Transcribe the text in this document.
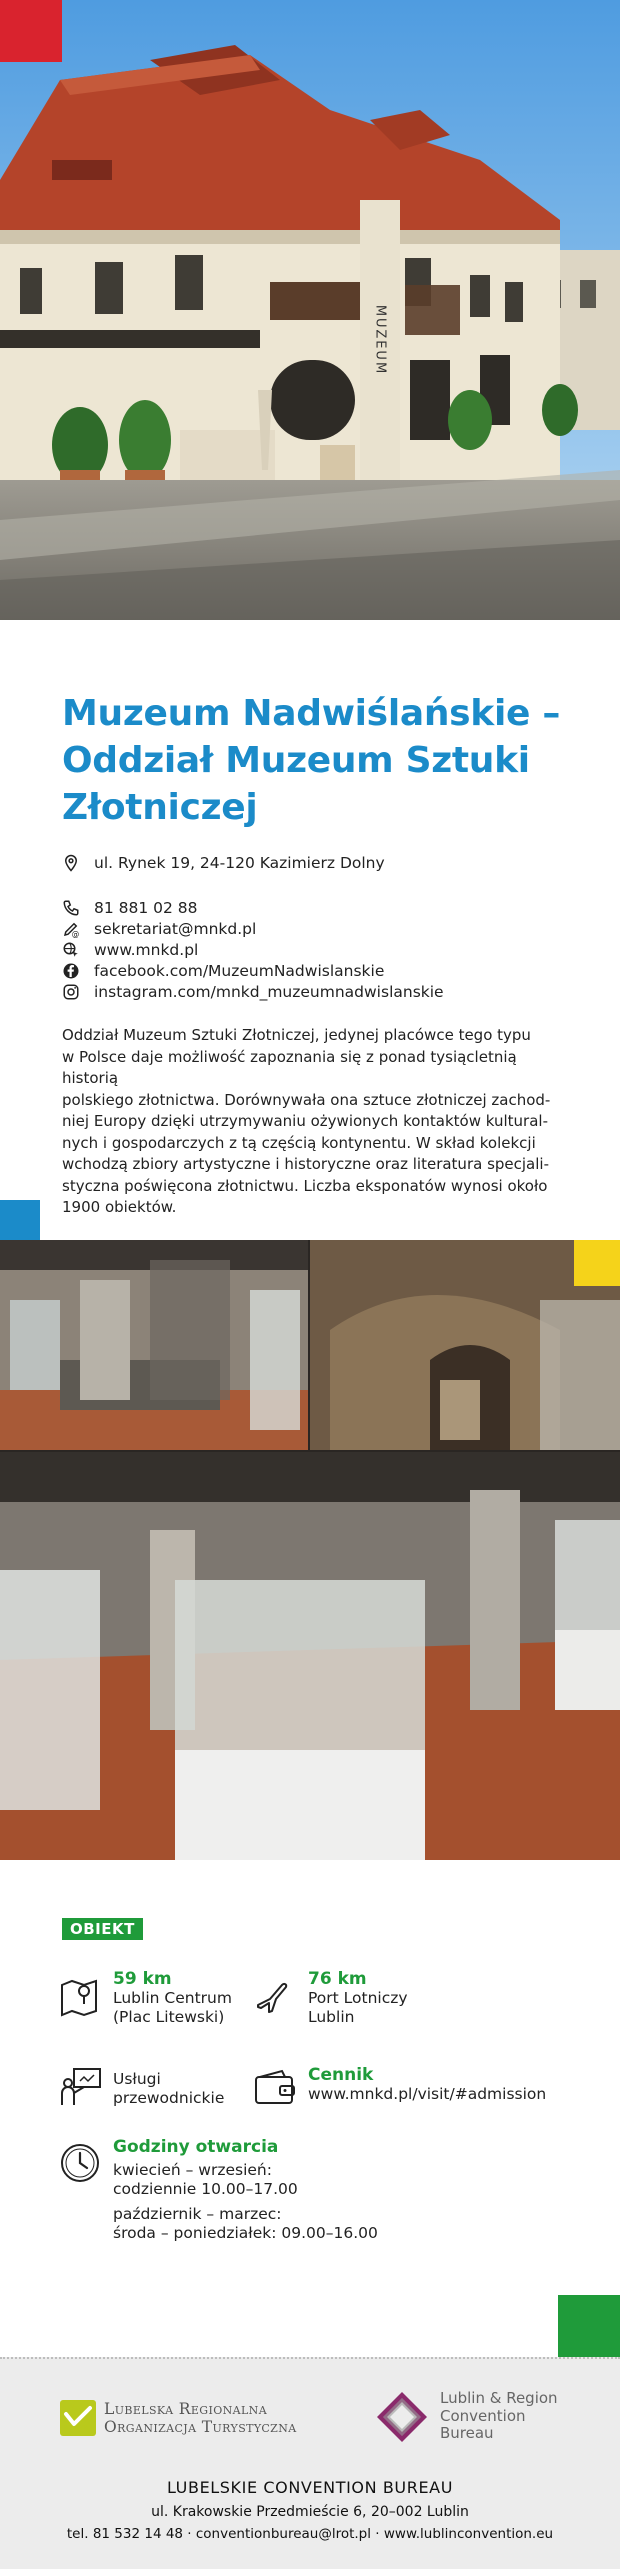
MUZEUM
Muzeum Nadwiślańskie –
Oddział Muzeum Sztuki
Złotniczej
ul. Rynek 19, 24-120 Kazimierz Dolny
81 881 02 88
@ sekretariat@mnkd.pl
www.mnkd.pl
facebook.com/MuzeumNadwislanskie
instagram.com/mnkd_muzeumnadwislanskie
Oddział Muzeum Sztuki Złotniczej, jedynej placówce tego typu
w Polsce daje możliwość zapoznania się z ponad tysiącletnią historią
polskiego złotnictwa. Dorównywała ona sztuce złotniczej zachod-
niej Europy dzięki utrzymywaniu ożywionych kontaktów kultural-
nych i gospodarczych z tą częścią kontynentu. W skład kolekcji
wchodzą zbiory artystyczne i historyczne oraz literatura specjali-
styczna poświęcona złotnictwu. Liczba eksponatów wynosi około
1900 obiektów.
OBIEKT
59 km
Lublin Centrum
(Plac Litewski)
76 km
Port Lotniczy
Lublin
Usługi
przewodnickie
Cennik
www.mnkd.pl/visit/#admission
Godziny otwarcia
kwiecień – wrzesień:
codziennie 10.00–17.00
październik – marzec:
środa – poniedziałek: 09.00–16.00
Lubelska Regionalna
Organizacja Turystyczna
Lublin & Region
Convention
Bureau
LUBELSKIE CONVENTION BUREAU
ul. Krakowskie Przedmieście 6, 20–002 Lublin
tel. 81 532 14 48 · conventionbureau@lrot.pl · www.lublinconvention.eu
